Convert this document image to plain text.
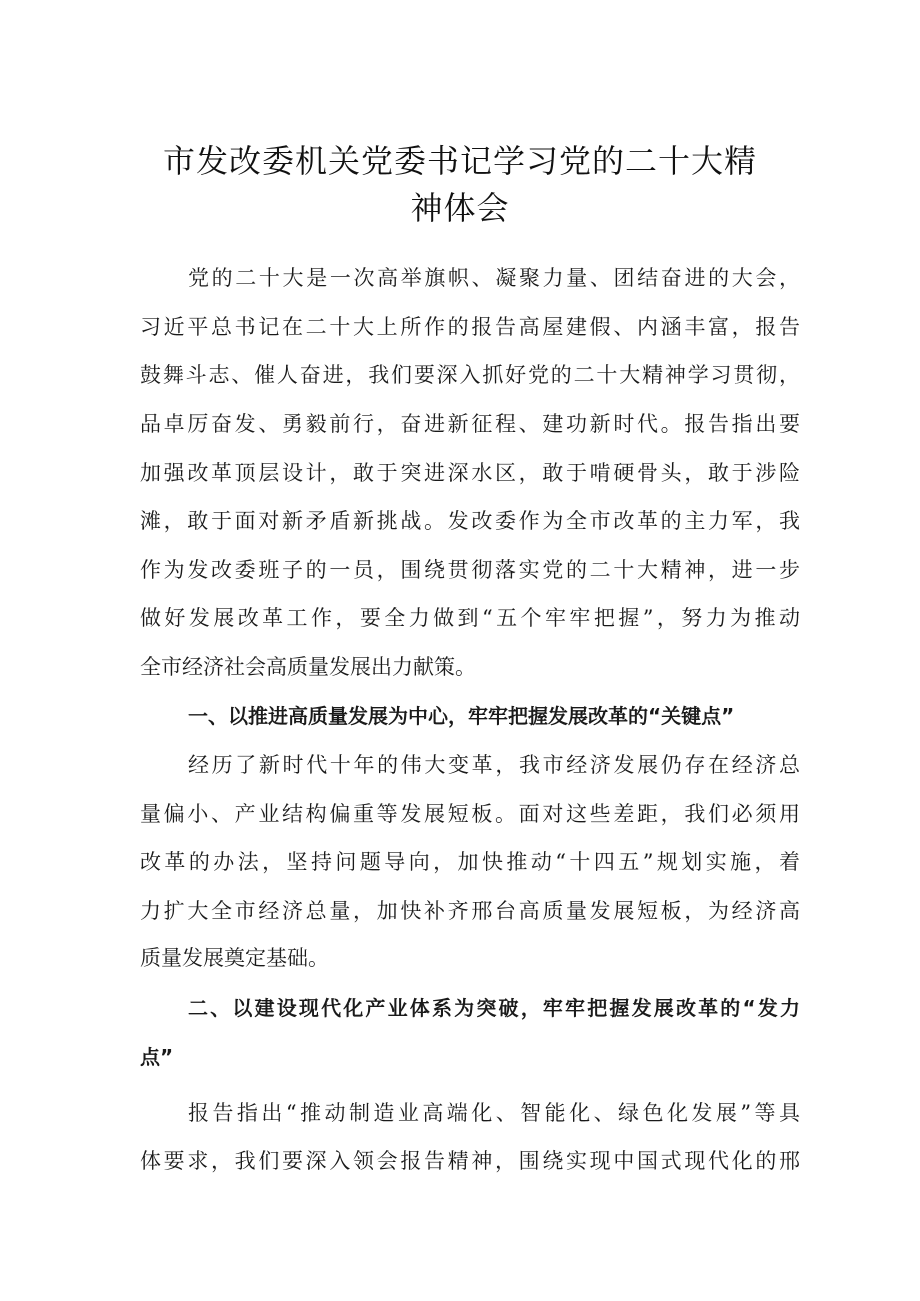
市发改委机关党委书记学习党的二十大精
神体会
党的二十大是一次高举旗帜、凝聚力量、团结奋进的大会，
习近平总书记在二十大上所作的报告高屋建假、内涵丰富，报告
鼓舞斗志、催人奋进，我们要深入抓好党的二十大精神学习贯彻，
品卓厉奋发、勇毅前行，奋进新征程、建功新时代。报告指出要
加强改革顶层设计，敢于突进深水区，敢于啃硬骨头，敢于涉险
滩，敢于面对新矛盾新挑战。发改委作为全市改革的主力军，我
作为发改委班子的一员，围绕贯彻落实党的二十大精神，进一步
做好发展改革工作，要全力做到“五个牢牢把握”，努力为推动
全市经济社会高质量发展出力献策。
一、以推进高质量发展为中心，牢牢把握发展改革的“关键点”
经历了新时代十年的伟大变革，我市经济发展仍存在经济总
量偏小、产业结构偏重等发展短板。面对这些差距，我们必须用
改革的办法，坚持问题导向，加快推动“十四五”规划实施，着
力扩大全市经济总量，加快补齐邢台高质量发展短板，为经济高
质量发展奠定基础。
二、以建设现代化产业体系为突破，牢牢把握发展改革的“发力
点”
报告指出“推动制造业高端化、智能化、绿色化发展”等具
体要求，我们要深入领会报告精神，围绕实现中国式现代化的邢
